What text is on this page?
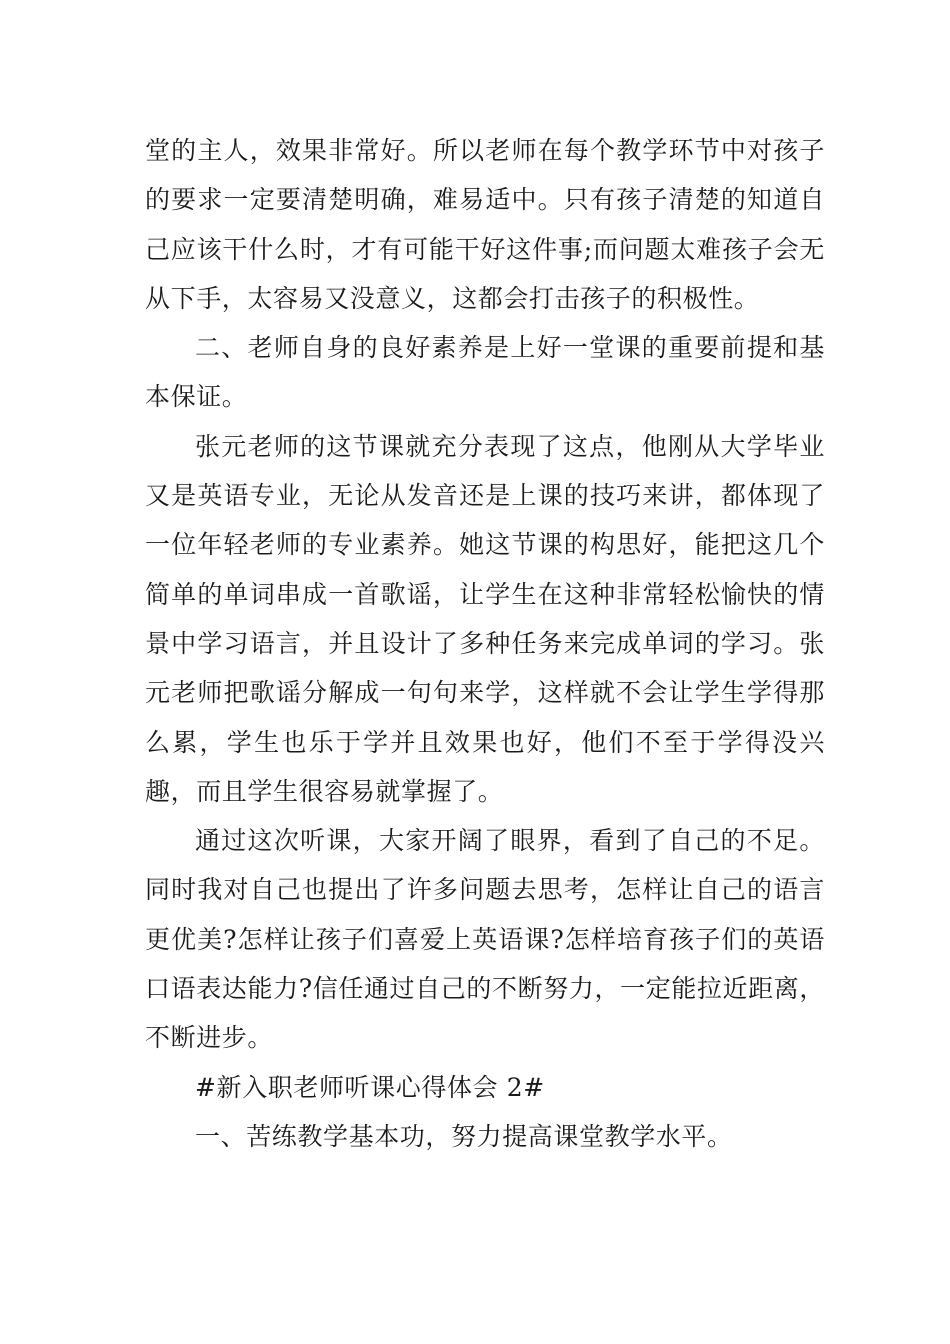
堂的主人，效果非常好。所以老师在每个教学环节中对孩子的要求一定要清楚明确，难易适中。只有孩子清楚的知道自己应该干什么时，才有可能干好这件事;而问题太难孩子会无从下手，太容易又没意义，这都会打击孩子的积极性。

二、老师自身的良好素养是上好一堂课的重要前提和基本保证。

张元老师的这节课就充分表现了这点，他刚从大学毕业又是英语专业，无论从发音还是上课的技巧来讲，都体现了一位年轻老师的专业素养。她这节课的构思好，能把这几个简单的单词串成一首歌谣，让学生在这种非常轻松愉快的情景中学习语言，并且设计了多种任务来完成单词的学习。张元老师把歌谣分解成一句句来学，这样就不会让学生学得那么累，学生也乐于学并且效果也好，他们不至于学得没兴趣，而且学生很容易就掌握了。

通过这次听课，大家开阔了眼界，看到了自己的不足。同时我对自己也提出了许多问题去思考，怎样让自己的语言更优美?怎样让孩子们喜爱上英语课?怎样培育孩子们的英语口语表达能力?信任通过自己的不断努力，一定能拉近距离，不断进步。

#新入职老师听课心得体会 2#

一、苦练教学基本功，努力提高课堂教学水平。
